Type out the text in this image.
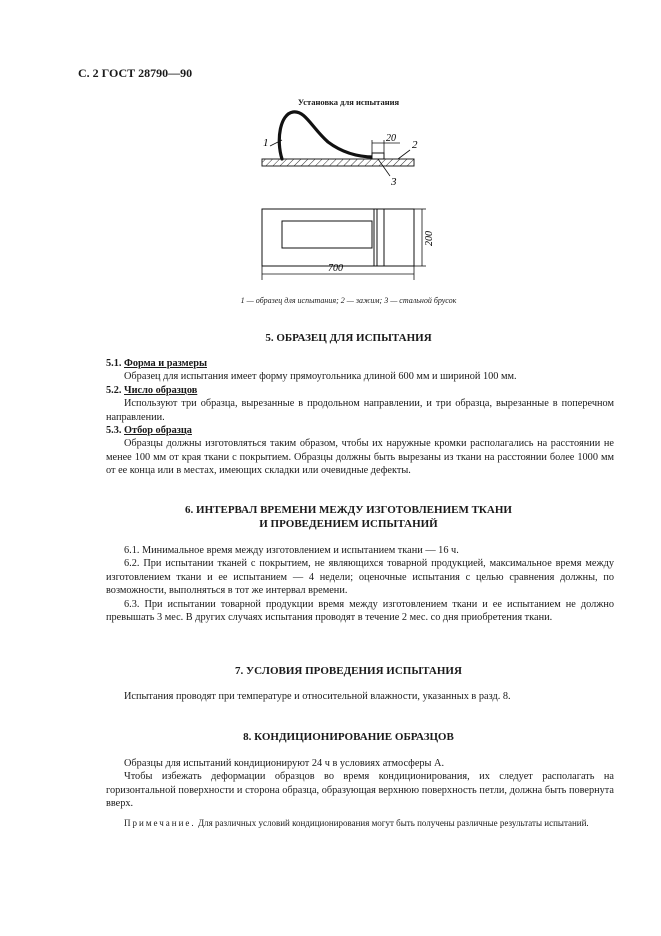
С. 2 ГОСТ 28790—90
Установка для испытания
20
1	2
3
200
700
1 — образец для испытания; 2 — зажим; 3 — стальной брусок
5. ОБРАЗЕЦ ДЛЯ ИСПЫТАНИЯ

5.1. Форма и размеры

Образец для испытания имеет форму прямоугольника длиной 600 мм и шириной 100 мм.

5.2. Число образцов

Используют три образца, вырезанные в продольном направлении, и три образца, вырезанные в поперечном направлении.

5.3. Отбор образца

Образцы должны изготовляться таким образом, чтобы их наружные кромки располагались на расстоянии не менее 100 мм от края ткани с покрытием. Образцы должны быть вырезаны из ткани на расстоянии более 1000 мм от ее конца или в местах, имеющих складки или очевидные дефекты.

6. ИНТЕРВАЛ ВРЕМЕНИ МЕЖДУ ИЗГОТОВЛЕНИЕМ ТКАНИ
И ПРОВЕДЕНИЕМ ИСПЫТАНИЙ

6.1. Минимальное время между изготовлением и испытанием ткани — 16 ч.

6.2. При испытании тканей с покрытием, не являющихся товарной продукцией, максимальное время между изготовлением ткани и ее испытанием — 4 недели; оценочные испытания с целью сравнения должны, по возможности, выполняться в тот же интервал времени.

6.3. При испытании товарной продукции время между изготовлением ткани и ее испытанием не должно превышать 3 мес. В других случаях испытания проводят в течение 2 мес. со дня приобретения ткани.

7. УСЛОВИЯ ПРОВЕДЕНИЯ ИСПЫТАНИЯ

Испытания проводят при температуре и относительной влажности, указанных в разд. 8.

8. КОНДИЦИОНИРОВАНИЕ ОБРАЗЦОВ

Образцы для испытаний кондиционируют 24 ч в условиях атмосферы А.

Чтобы избежать деформации образцов во время кондиционирования, их следует располагать на горизонтальной поверхности и сторона образца, образующая верхнюю поверхность петли, должна быть повернута вверх.

Примечание. Для различных условий кондиционирования могут быть получены различные результаты испытаний.
